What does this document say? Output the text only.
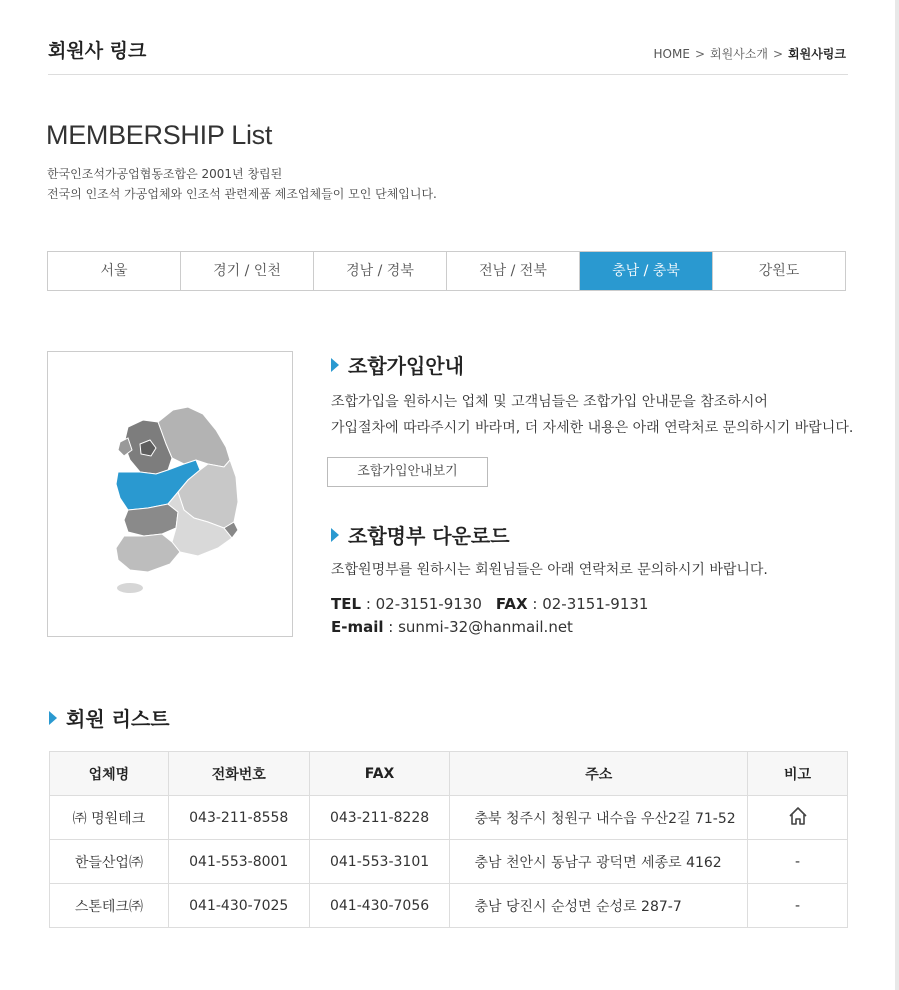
회원사 링크	HOME > 회원사소개 > 회원사링크
MEMBERSHIP List
한국인조석가공업협동조합은 2001년 창립된
전국의 인조석 가공업체와 인조석 관련제품 제조업체들이 모인 단체입니다.
서울	경기 / 인천	경남 / 경북	전남 / 전북	충남 / 충북	강원도
조합가입안내
조합가입을 원하시는 업체 및 고객님들은 조합가입 안내문을 참조하시어
가입절차에 따라주시기 바라며, 더 자세한 내용은 아래 연락처로 문의하시기 바랍니다.
조합가입안내보기
조합명부 다운로드
조합원명부를 원하시는 회원님들은 아래 연락처로 문의하시기 바랍니다.
TEL : 02-3151-9130 FAX : 02-3151-9131
E-mail : sunmi-32@hanmail.net
회원 리스트
업체명	전화번호	FAX	주소	비고
㈜ 명원테크	043-211-8558	043-211-8228	충북 청주시 청원구 내수읍 우산2길 71-52	
한들산업㈜	041-553-8001	041-553-3101	충남 천안시 동남구 광덕면 세종로 4162	-
스톤테크㈜	041-430-7025	041-430-7056	충남 당진시 순성면 순성로 287-7	-
